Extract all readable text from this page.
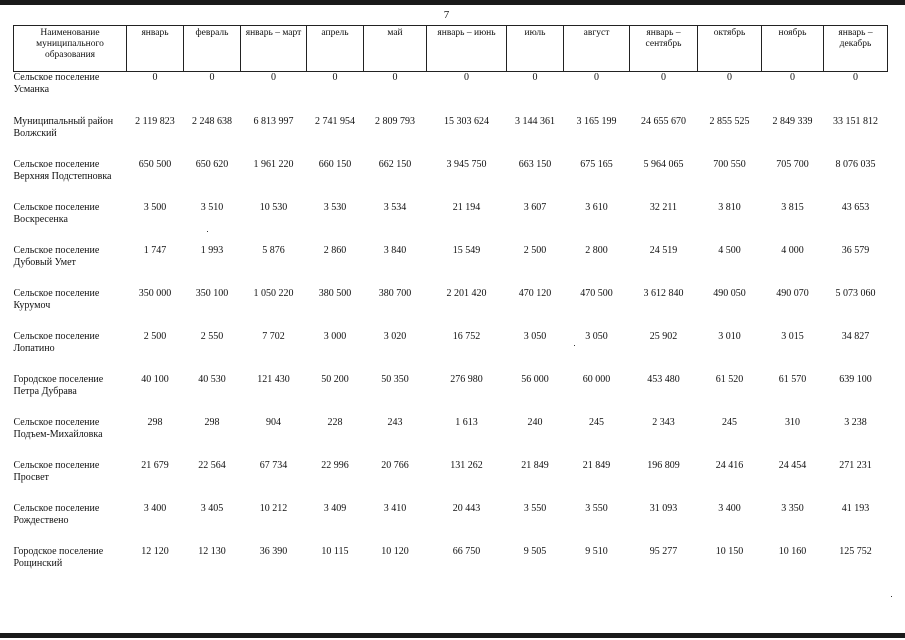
7
Наименование муниципального образования	январь	февраль	январь – март	апрель	май	январь – июнь	июль	август	январь – сентябрь	октябрь	ноябрь	январь – декабрь
Сельское поселение Усманка	0	0	0	0	0	0	0	0	0	0	0	0
Муниципальный район Волжский	2 119 823	2 248 638	6 813 997	2 741 954	2 809 793	15 303 624	3 144 361	3 165 199	24 655 670	2 855 525	2 849 339	33 151 812
Сельское поселение Верхняя Подстепновка	650 500	650 620	1 961 220	660 150	662 150	3 945 750	663 150	675 165	5 964 065	700 550	705 700	8 076 035
Сельское поселение Воскресенка	3 500	3 510	10 530	3 530	3 534	21 194	3 607	3 610	32 211	3 810	3 815	43 653
Сельское поселение Дубовый Умет	1 747	1 993	5 876	2 860	3 840	15 549	2 500	2 800	24 519	4 500	4 000	36 579
Сельское поселение Курумоч	350 000	350 100	1 050 220	380 500	380 700	2 201 420	470 120	470 500	3 612 840	490 050	490 070	5 073 060
Сельское поселение Лопатино	2 500	2 550	7 702	3 000	3 020	16 752	3 050	3 050	25 902	3 010	3 015	34 827
Городское поселение Петра Дубрава	40 100	40 530	121 430	50 200	50 350	276 980	56 000	60 000	453 480	61 520	61 570	639 100
Сельское поселение Подъем-Михайловка	298	298	904	228	243	1 613	240	245	2 343	245	310	3 238
Сельское поселение Просвет	21 679	22 564	67 734	22 996	20 766	131 262	21 849	21 849	196 809	24 416	24 454	271 231
Сельское поселение Рождествено	3 400	3 405	10 212	3 409	3 410	20 443	3 550	3 550	31 093	3 400	3 350	41 193
Городское поселение Рощинский	12 120	12 130	36 390	10 115	10 120	66 750	9 505	9 510	95 277	10 150	10 160	125 752
